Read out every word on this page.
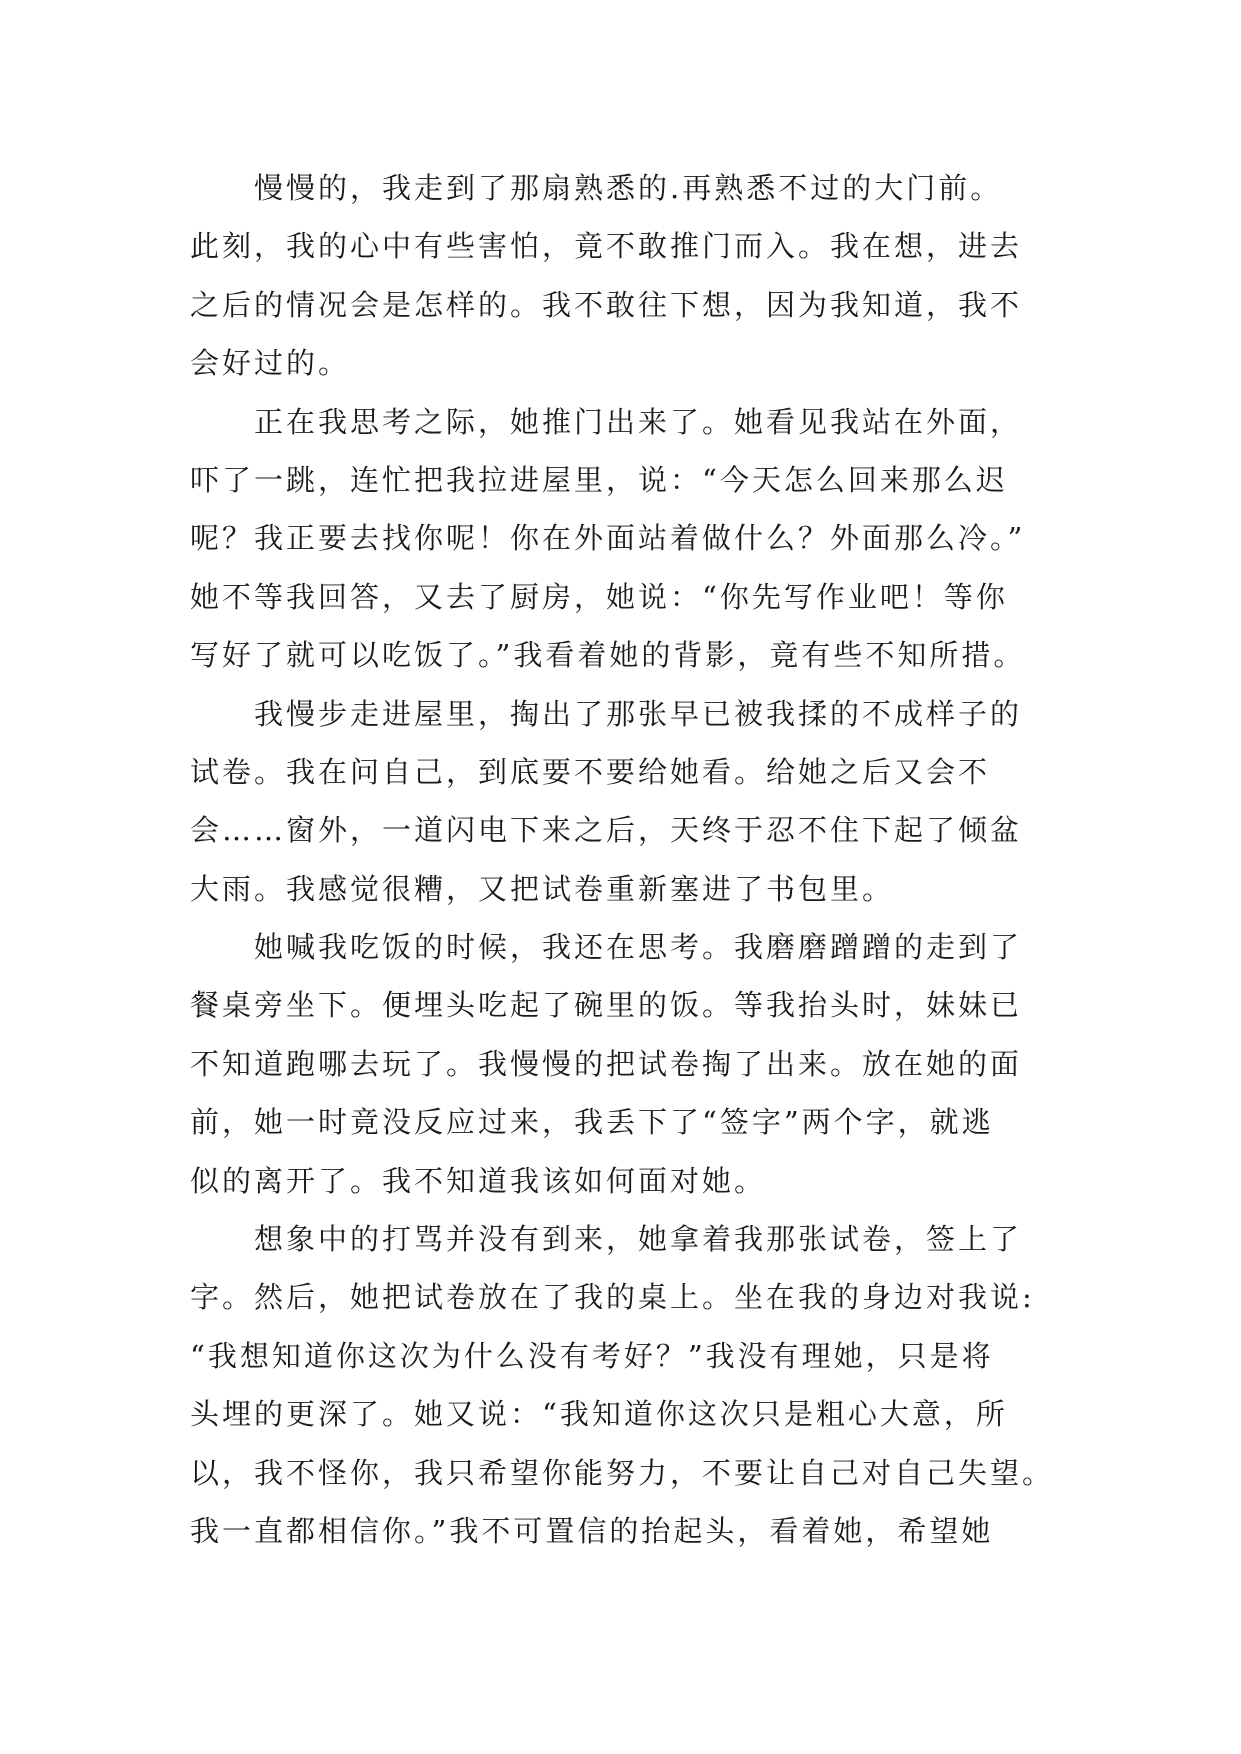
慢慢的，我走到了那扇熟悉的.再熟悉不过的大门前。
此刻，我的心中有些害怕，竟不敢推门而入。我在想，进去
之后的情况会是怎样的。我不敢往下想，因为我知道，我不
会好过的。
正在我思考之际，她推门出来了。她看见我站在外面，
吓了一跳，连忙把我拉进屋里，说：“今天怎么回来那么迟
呢？我正要去找你呢！你在外面站着做什么？外面那么冷。”
她不等我回答，又去了厨房，她说：“你先写作业吧！等你
写好了就可以吃饭了。”我看着她的背影，竟有些不知所措。
我慢步走进屋里，掏出了那张早已被我揉的不成样子的
试卷。我在问自己，到底要不要给她看。给她之后又会不
会……窗外，一道闪电下来之后，天终于忍不住下起了倾盆
大雨。我感觉很糟，又把试卷重新塞进了书包里。
她喊我吃饭的时候，我还在思考。我磨磨蹭蹭的走到了
餐桌旁坐下。便埋头吃起了碗里的饭。等我抬头时，妹妹已
不知道跑哪去玩了。我慢慢的把试卷掏了出来。放在她的面
前，她一时竟没反应过来，我丢下了“签字”两个字，就逃
似的离开了。我不知道我该如何面对她。
想象中的打骂并没有到来，她拿着我那张试卷，签上了
字。然后，她把试卷放在了我的桌上。坐在我的身边对我说:
“我想知道你这次为什么没有考好？”我没有理她，只是将
头埋的更深了。她又说：“我知道你这次只是粗心大意，所
以，我不怪你，我只希望你能努力，不要让自己对自己失望。
我一直都相信你。”我不可置信的抬起头，看着她，希望她
